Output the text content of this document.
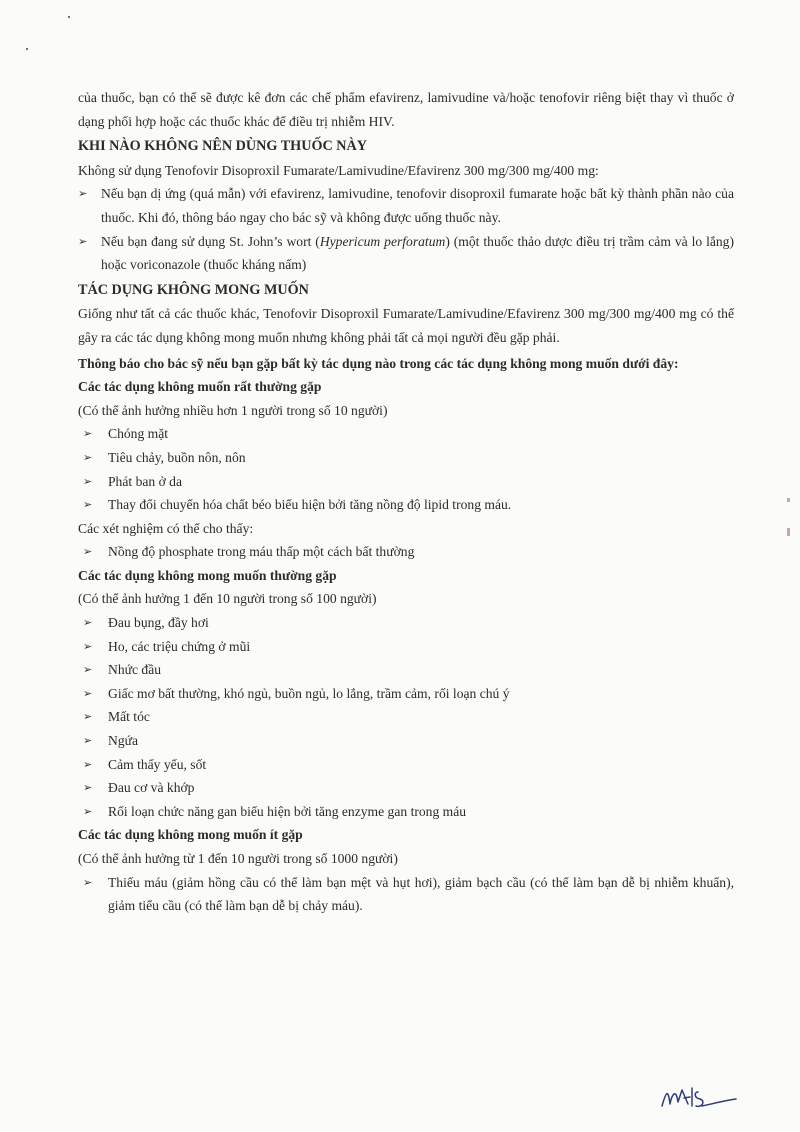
của thuốc, bạn có thể sẽ được kê đơn các chế phẩm efavirenz, lamivudine và/hoặc tenofovir riêng biệt thay vì thuốc ở dạng phối hợp hoặc các thuốc khác để điều trị nhiễm HIV.

KHI NÀO KHÔNG NÊN DÙNG THUỐC NÀY

Không sử dụng Tenofovir Disoproxil Fumarate/Lamivudine/Efavirenz 300 mg/300 mg/400 mg:

➢ Nếu bạn dị ứng (quá mẫn) với efavirenz, lamivudine, tenofovir disoproxil fumarate hoặc bất kỳ thành phần nào của thuốc. Khi đó, thông báo ngay cho bác sỹ và không được uống thuốc này.
➢ Nếu bạn đang sử dụng St. John’s wort (Hypericum perforatum) (một thuốc thảo dược điều trị trầm cảm và lo lắng) hoặc voriconazole (thuốc kháng nấm)

TÁC DỤNG KHÔNG MONG MUỐN

Giống như tất cả các thuốc khác, Tenofovir Disoproxil Fumarate/Lamivudine/Efavirenz 300 mg/300 mg/400 mg có thể gây ra các tác dụng không mong muốn nhưng không phải tất cả mọi người đều gặp phải.

Thông báo cho bác sỹ nếu bạn gặp bất kỳ tác dụng nào trong các tác dụng không mong muốn dưới đây:

Các tác dụng không muốn rất thường gặp

(Có thể ảnh hưởng nhiều hơn 1 người trong số 10 người)

➢ Chóng mặt
➢ Tiêu chảy, buồn nôn, nôn
➢ Phát ban ở da
➢ Thay đổi chuyển hóa chất béo biểu hiện bởi tăng nồng độ lipid trong máu.

Các xét nghiệm có thể cho thấy:

➢ Nồng độ phosphate trong máu thấp một cách bất thường

Các tác dụng không mong muốn thường gặp

(Có thể ảnh hưởng 1 đến 10 người trong số 100 người)

➢ Đau bụng, đầy hơi
➢ Ho, các triệu chứng ở mũi
➢ Nhức đầu
➢ Giấc mơ bất thường, khó ngủ, buồn ngủ, lo lắng, trầm cảm, rối loạn chú ý
➢ Mất tóc
➢ Ngứa
➢ Cảm thấy yếu, sốt
➢ Đau cơ và khớp
➢ Rối loạn chức năng gan biểu hiện bởi tăng enzyme gan trong máu

Các tác dụng không mong muốn ít gặp

(Có thể ảnh hưởng từ 1 đến 10 người trong số 1000 người)

➢ Thiếu máu (giảm hồng cầu có thể làm bạn mệt và hụt hơi), giảm bạch cầu (có thể làm bạn dễ bị nhiễm khuẩn), giảm tiểu cầu (có thể làm bạn dễ bị chảy máu).
